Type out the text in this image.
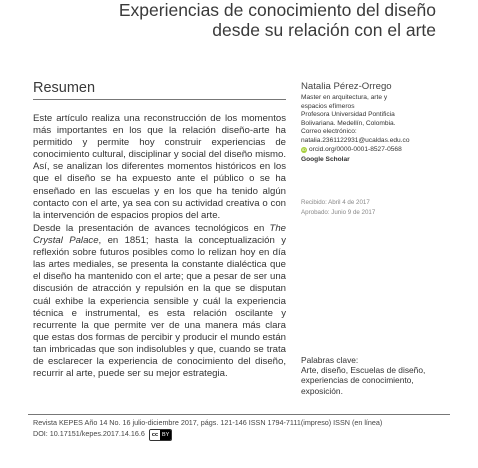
Experiencias de conocimiento del diseño
desde su relación con el arte
Resumen
Este artículo realiza una reconstrucción de los momentos más importantes en los que la relación diseño-arte ha permitido y permite hoy construir experiencias de conocimiento cultural, disciplinar y social del diseño mismo. Así, se analizan los diferentes momentos históricos en los que el diseño se ha expuesto ante el público o se ha enseñado en las escuelas y en los que ha tenido algún contacto con el arte, ya sea con su actividad creativa o con la intervención de espacios propios del arte.
Desde la presentación de avances tecnológicos en The Crystal Palace, en 1851; hasta la conceptualización y reflexión sobre futuros posibles como lo relizan hoy en día las artes mediales, se presenta la constante dialéctica que el diseño ha mantenido con el arte; que a pesar de ser una discusión de atracción y repulsión en la que se disputan cuál exhibe la experiencia sensible y cuál la experiencia técnica e instrumental, es esta relación oscilante y recurrente la que permite ver de una manera más clara que estas dos formas de percibir y producir el mundo están tan imbricadas que son indisolubles y que, cuando se trata de esclarecer la experiencia de conocimiento del diseño, recurrir al arte, puede ser su mejor estrategia.
Natalia Pérez-Orrego
Master en arquitectura, arte y
espacios efímeros
Profesora Universidad Pontificia
Bolivariana. Medellín, Colombia.
Correo electrónico:
natalia.2361122931@ucaldas.edu.co
iD orcid.org/0000-0001-8527-0568
Google Scholar
Recibido: Abril 4 de 2017
Aprobado: Junio 9 de 2017
Palabras clave:
Arte, diseño, Escuelas de diseño,
experiencias de conocimiento,
exposición.
Revista KEPES Año 14 No. 16 julio-diciembre 2017, págs. 121-146 ISSN 1794-7111(impreso) ISSN (en línea)
DOI: 10.17151/kepes.2017.14.16.6	cc BY
